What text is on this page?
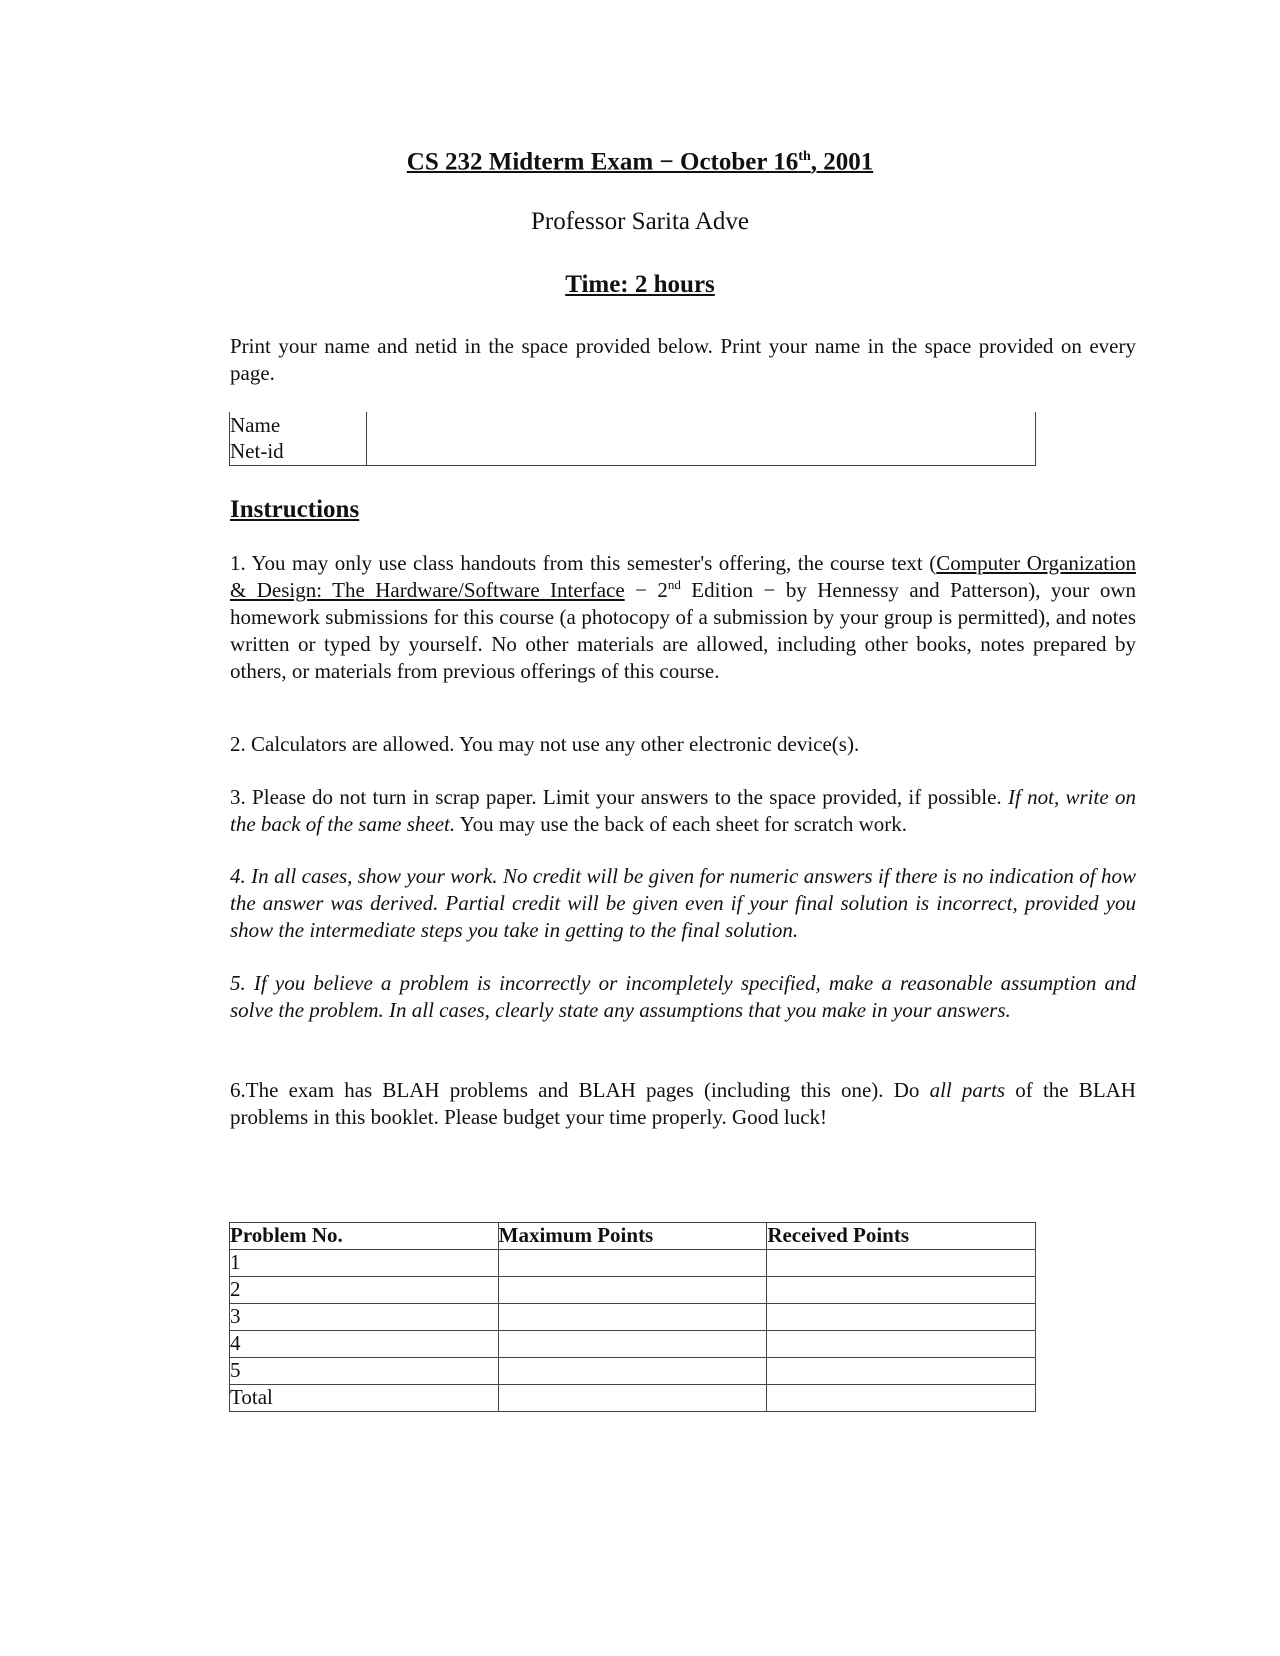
CS 232 Midterm Exam − October 16th, 2001
Professor Sarita Adve
Time: 2 hours
Print your name and netid in the space provided below. Print your name in the space provided on every page.
Name
Net-id

Instructions
1. You may only use class handouts from this semester's offering, the course text (Computer Organization & Design: The Hardware/Software Interface − 2nd Edition − by Hennessy and Patterson), your own homework submissions for this course (a photocopy of a submission by your group is permitted), and notes written or typed by yourself. No other materials are allowed, including other books, notes prepared by others, or materials from previous offerings of this course.
2. Calculators are allowed. You may not use any other electronic device(s).
3. Please do not turn in scrap paper. Limit your answers to the space provided, if possible. If not, write on the back of the same sheet. You may use the back of each sheet for scratch work.
4. In all cases, show your work. No credit will be given for numeric answers if there is no indication of how the answer was derived. Partial credit will be given even if your final solution is incorrect, provided you show the intermediate steps you take in getting to the final solution.
5. If you believe a problem is incorrectly or incompletely specified, make a reasonable assumption and solve the problem. In all cases, clearly state any assumptions that you make in your answers.
6.The exam has BLAH problems and BLAH pages (including this one). Do all parts of the BLAH problems in this booklet. Please budget your time properly. Good luck!
Problem No.	Maximum Points	Received Points
1		
2		
3		
4		
5		
Total		
